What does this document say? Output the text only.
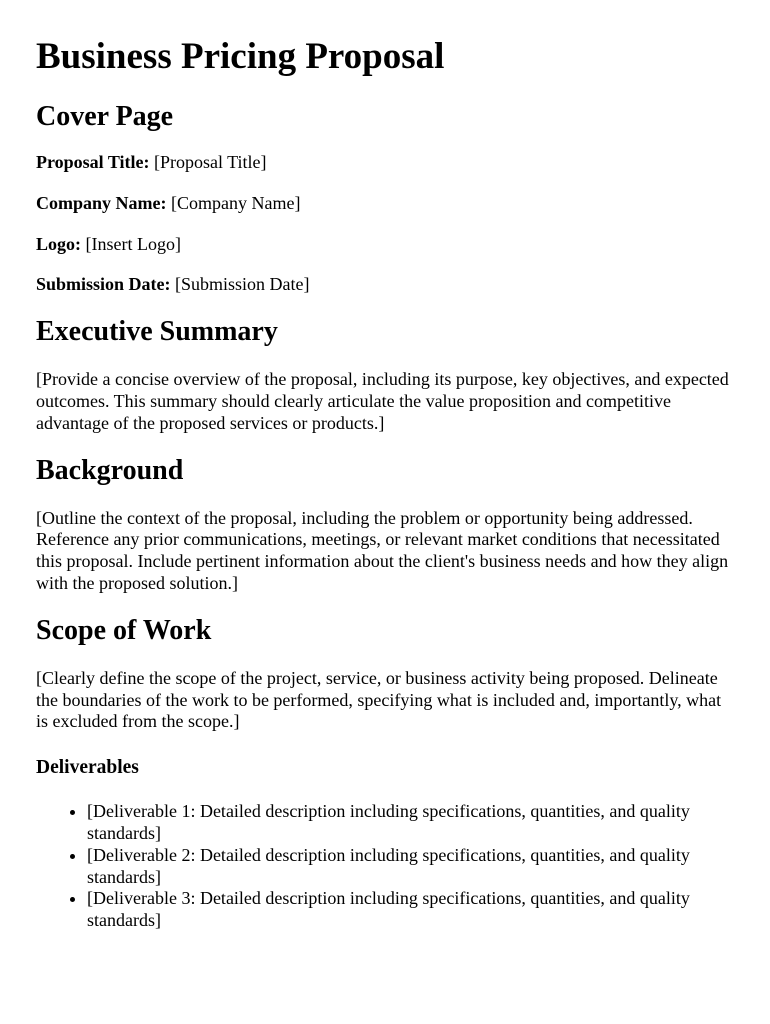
Business Pricing Proposal
Cover Page

Proposal Title: [Proposal Title]

Company Name: [Company Name]

Logo: [Insert Logo]

Submission Date: [Submission Date]

Executive Summary

[Provide a concise overview of the proposal, including its purpose, key objectives, and expected outcomes. This summary should clearly articulate the value proposition and competitive advantage of the proposed services or products.]

Background

[Outline the context of the proposal, including the problem or opportunity being addressed. Reference any prior communications, meetings, or relevant market conditions that necessitated this proposal. Include pertinent information about the client's business needs and how they align with the proposed solution.]

Scope of Work

[Clearly define the scope of the project, service, or business activity being proposed. Delineate the boundaries of the work to be performed, specifying what is included and, importantly, what is excluded from the scope.]

Deliverables
• [Deliverable 1: Detailed description including specifications, quantities, and quality standards]
• [Deliverable 2: Detailed description including specifications, quantities, and quality standards]
• [Deliverable 3: Detailed description including specifications, quantities, and quality standards]
